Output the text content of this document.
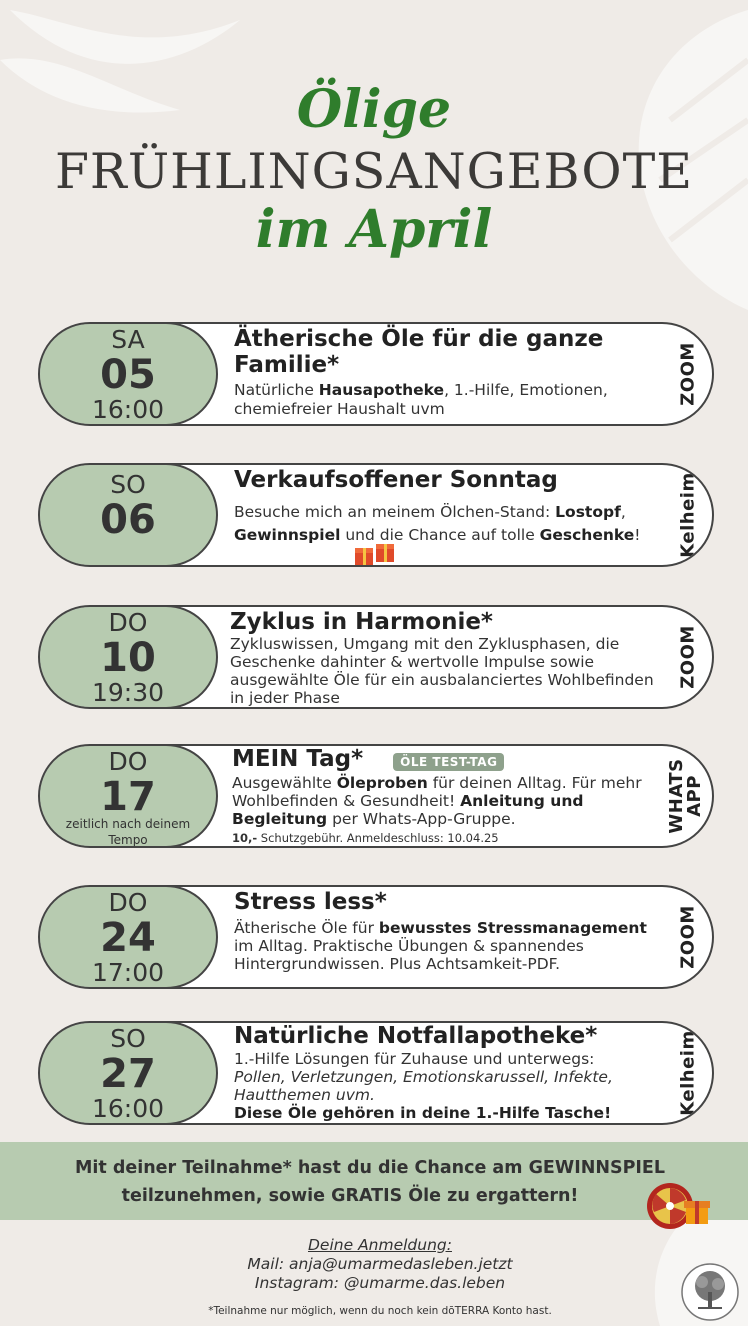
Ölige
FRÜHLINGSANGEBOTE
im April
SA
05
16:00
Ätherische Öle für die ganze Familie*
Natürliche Hausapotheke, 1.-Hilfe, Emotionen, chemiefreier Haushalt uvm
ZOOM
SO
06
Verkaufsoffener Sonntag
Besuche mich an meinem Ölchen-Stand: Lostopf, Gewinnspiel und die Chance auf tolle Geschenke!	Kelheim
DO
10
19:30
Zyklus in Harmonie*
Zykluswissen, Umgang mit den Zyklusphasen, die Geschenke dahinter & wertvolle Impulse sowie ausgewählte Öle für ein ausbalanciertes Wohlbefinden in jeder Phase
ZOOM
DO
17
zeitlich nach deinem Tempo
MEIN Tag*	ÖLE TEST-TAG
Ausgewählte Öleproben für deinen Alltag. Für mehr Wohlbefinden & Gesundheit! Anleitung und Begleitung per Whats-App-Gruppe.
10,- Schutzgebühr. Anmeldeschluss: 10.04.25
WHATS
APP
DO
24
17:00
Stress less*
Ätherische Öle für bewusstes Stressmanagement im Alltag. Praktische Übungen & spannendes Hintergrundwissen. Plus Achtsamkeit-PDF.	ZOOM
SO
27
16:00
Natürliche Notfallapotheke*
1.-Hilfe Lösungen für Zuhause und unterwegs:
Pollen, Verletzungen, Emotionskarussell, Infekte, Hautthemen uvm.
Diese Öle gehören in deine 1.-Hilfe Tasche!	Kelheim
Mit deiner Teilnahme* hast du die Chance am GEWINNSPIEL
teilzunehmen, sowie GRATIS Öle zu ergattern!
Deine Anmeldung:
Mail: anja@umarmedasleben.jetzt
Instagram: @umarme.das.leben
*Teilnahme nur möglich, wenn du noch kein dōTERRA Konto hast.
